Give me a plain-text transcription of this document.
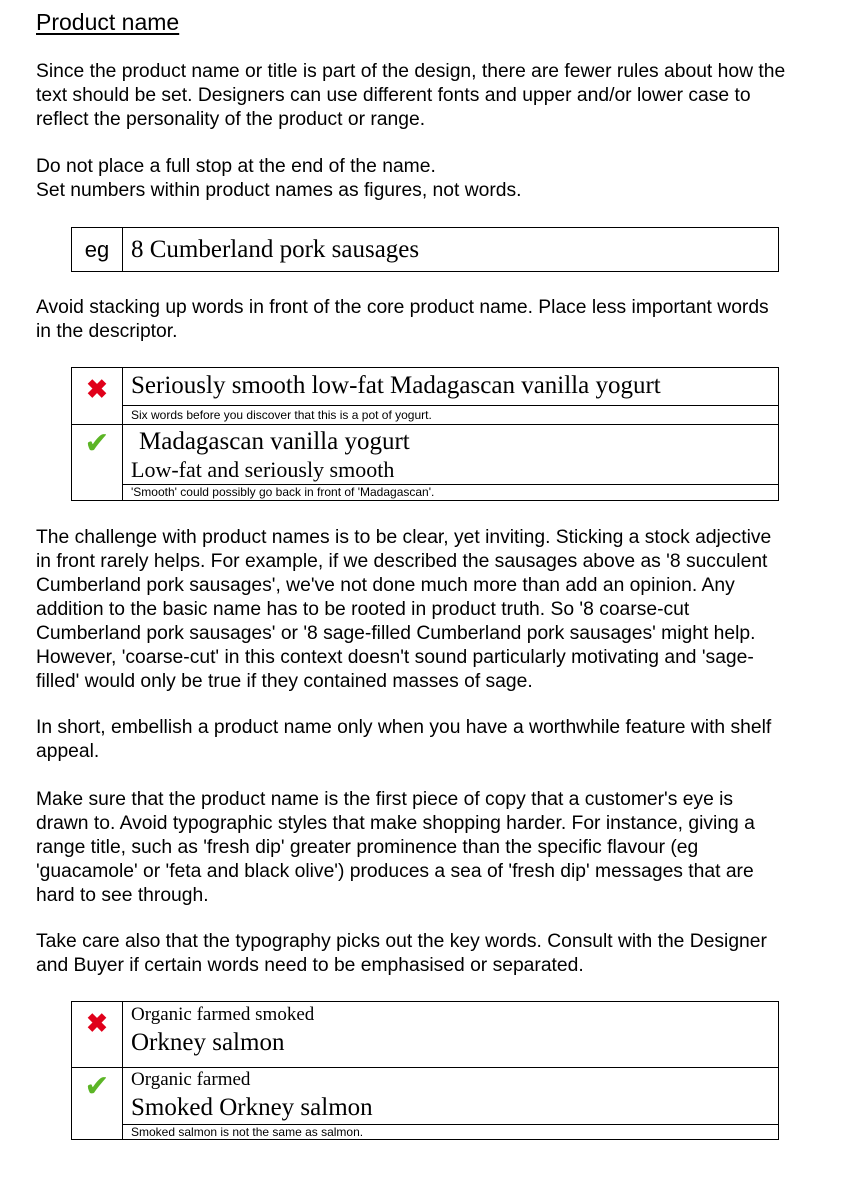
Product name

Since the product name or title is part of the design, there are fewer rules about how the
text should be set. Designers can use different fonts and upper and/or lower case to
reflect the personality of the product or range.

Do not place a full stop at the end of the name.
Set numbers within product names as figures, not words.

eg	8 Cumberland pork sausages

Avoid stacking up words in front of the core product name. Place less important words
in the descriptor.

✖	Seriously smooth low-fat Madagascan vanilla yogurt
	Six words before you discover that this is a pot of yogurt.

✔	Madagascan vanilla yogurt
Low-fat and seriously smooth

	'Smooth' could possibly go back in front of 'Madagascan'.

The challenge with product names is to be clear, yet inviting. Sticking a stock adjective
in front rarely helps. For example, if we described the sausages above as '8 succulent
Cumberland pork sausages', we've not done much more than add an opinion. Any
addition to the basic name has to be rooted in product truth. So '8 coarse-cut
Cumberland pork sausages' or '8 sage-filled Cumberland pork sausages' might help.
However, 'coarse-cut' in this context doesn't sound particularly motivating and 'sage-
filled' would only be true if they contained masses of sage.

In short, embellish a product name only when you have a worthwhile feature with shelf
appeal.

Make sure that the product name is the first piece of copy that a customer's eye is
drawn to. Avoid typographic styles that make shopping harder. For instance, giving a
range title, such as 'fresh dip' greater prominence than the specific flavour (eg
'guacamole' or 'feta and black olive') produces a sea of 'fresh dip' messages that are
hard to see through.

Take care also that the typography picks out the key words. Consult with the Designer
and Buyer if certain words need to be emphasised or separated.

✖	Organic farmed smoked
Orkney salmon

✔	Organic farmed
Smoked Orkney salmon

	Smoked salmon is not the same as salmon.
